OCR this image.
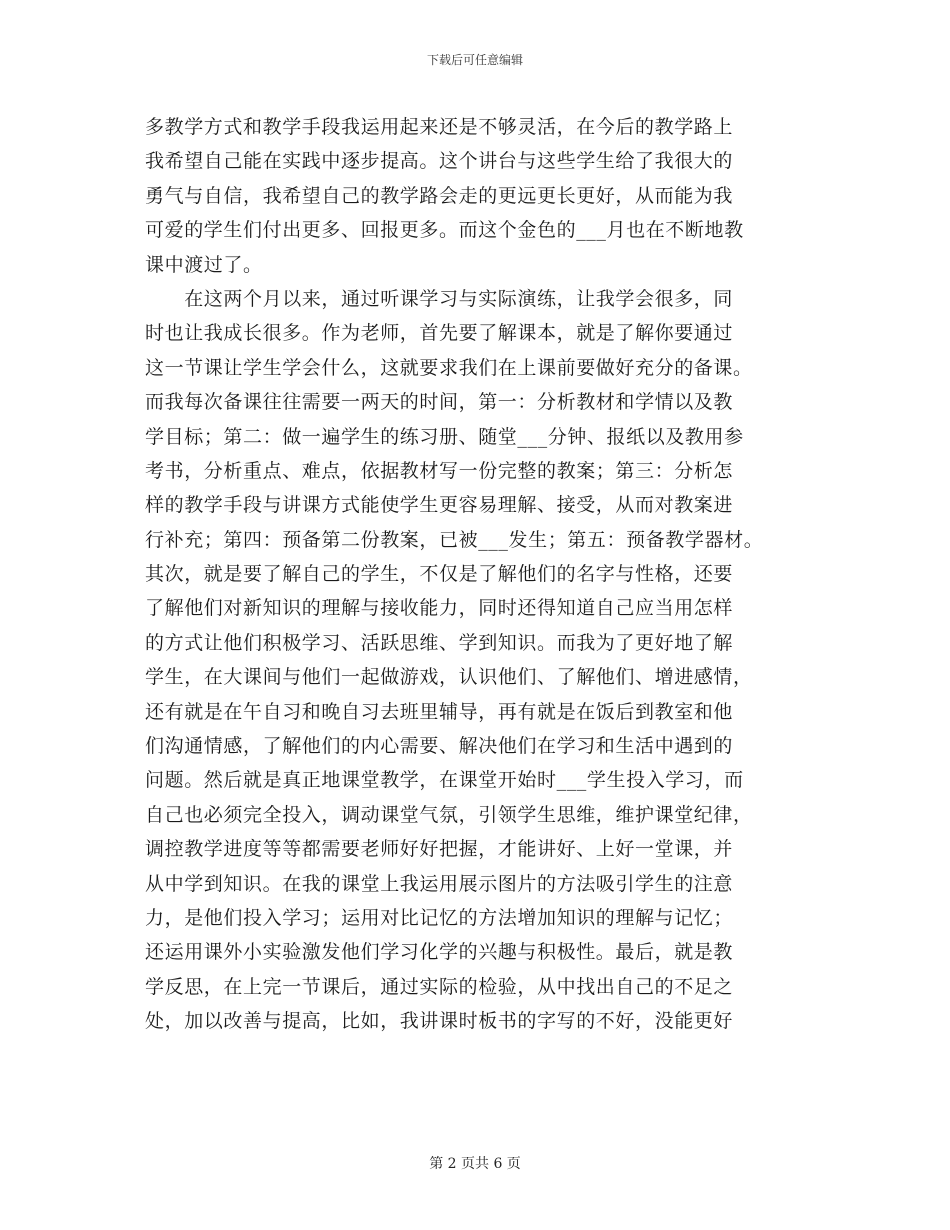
下载后可任意编辑
多教学方式和教学手段我运用起来还是不够灵活，在今后的教学路上
我希望自己能在实践中逐步提高。这个讲台与这些学生给了我很大的
勇气与自信，我希望自己的教学路会走的更远更长更好，从而能为我
可爱的学生们付出更多、回报更多。而这个金色的___月也在不断地教
课中渡过了。
　　在这两个月以来，通过听课学习与实际演练，让我学会很多，同
时也让我成长很多。作为老师，首先要了解课本，就是了解你要通过
这一节课让学生学会什么，这就要求我们在上课前要做好充分的备课。
而我每次备课往往需要一两天的时间，第一：分析教材和学情以及教
学目标；第二：做一遍学生的练习册、随堂___分钟、报纸以及教用参
考书，分析重点、难点，依据教材写一份完整的教案；第三：分析怎
样的教学手段与讲课方式能使学生更容易理解、接受，从而对教案进
行补充；第四：预备第二份教案，已被___发生；第五：预备教学器材。
其次，就是要了解自己的学生，不仅是了解他们的名字与性格，还要
了解他们对新知识的理解与接收能力，同时还得知道自己应当用怎样
的方式让他们积极学习、活跃思维、学到知识。而我为了更好地了解
学生，在大课间与他们一起做游戏，认识他们、了解他们、增进感情，
还有就是在午自习和晚自习去班里辅导，再有就是在饭后到教室和他
们沟通情感，了解他们的内心需要、解决他们在学习和生活中遇到的
问题。然后就是真正地课堂教学，在课堂开始时___学生投入学习，而
自己也必须完全投入，调动课堂气氛，引领学生思维，维护课堂纪律，
调控教学进度等等都需要老师好好把握，才能讲好、上好一堂课，并
从中学到知识。在我的课堂上我运用展示图片的方法吸引学生的注意
力，是他们投入学习；运用对比记忆的方法增加知识的理解与记忆；
还运用课外小实验激发他们学习化学的兴趣与积极性。最后，就是教
学反思，在上完一节课后，通过实际的检验，从中找出自己的不足之
处，加以改善与提高，比如，我讲课时板书的字写的不好，没能更好
第 2 页共 6 页
